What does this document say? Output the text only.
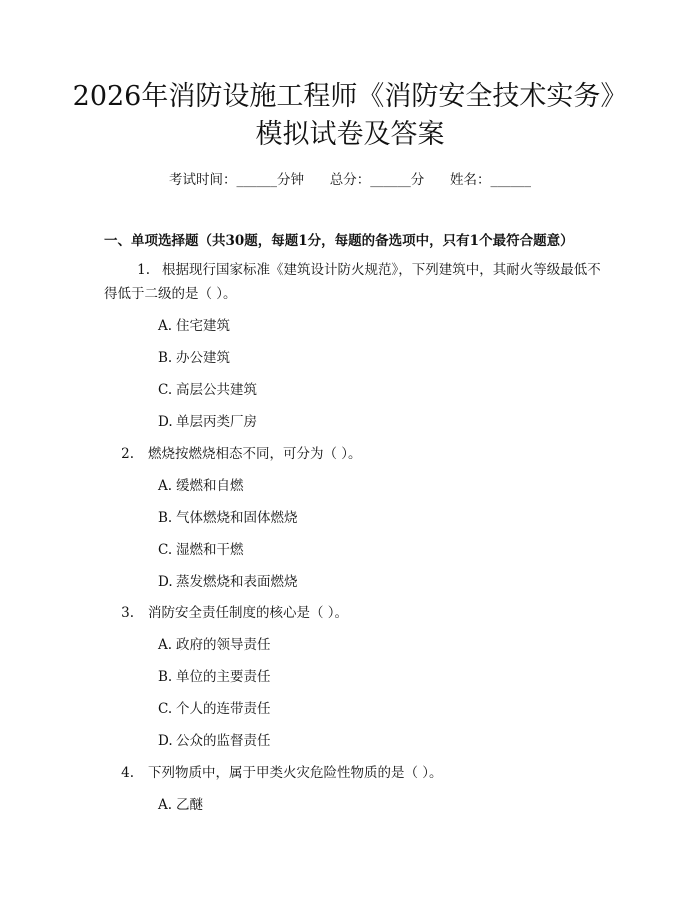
2026年消防设施工程师《消防安全技术实务》模拟试卷及答案
考试时间：______分钟      总分：______分      姓名：______
一、单项选择题（共30题，每题1分，每题的备选项中，只有1个最符合题意）
1. 根据现行国家标准《建筑设计防火规范》，下列建筑中，其耐火等级最低不得低于二级的是（ ）。
A. 住宅建筑
B. 办公建筑
C. 高层公共建筑
D. 单层丙类厂房
2. 燃烧按燃烧相态不同，可分为（ ）。
A. 缓燃和自燃
B. 气体燃烧和固体燃烧
C. 湿燃和干燃
D. 蒸发燃烧和表面燃烧
3. 消防安全责任制度的核心是（ ）。
A. 政府的领导责任
B. 单位的主要责任
C. 个人的连带责任
D. 公众的监督责任
4. 下列物质中，属于甲类火灾危险性物质的是（ ）。
A. 乙醚
